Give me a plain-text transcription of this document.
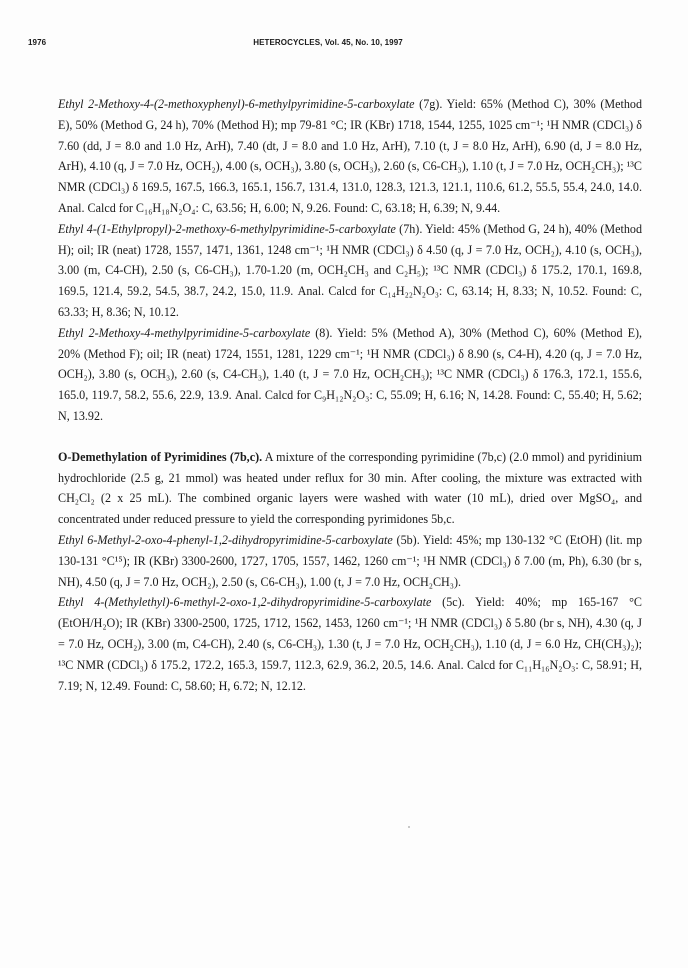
1976	HETEROCYCLES, Vol. 45, No. 10, 1997

Ethyl 2-Methoxy-4-(2-methoxyphenyl)-6-methylpyrimidine-5-carboxylate (7g). Yield: 65% (Method C), 30% (Method E), 50% (Method G, 24 h), 70% (Method H); mp 79-81 °C; IR (KBr) 1718, 1544, 1255, 1025 cm⁻¹; ¹H NMR (CDCl₃) δ 7.60 (dd, J = 8.0 and 1.0 Hz, ArH), 7.40 (dt, J = 8.0 and 1.0 Hz, ArH), 7.10 (t, J = 8.0 Hz, ArH), 6.90 (d, J = 8.0 Hz, ArH), 4.10 (q, J = 7.0 Hz, OCH₂), 4.00 (s, OCH₃), 3.80 (s, OCH₃), 2.60 (s, C6-CH₃), 1.10 (t, J = 7.0 Hz, OCH₂CH₃); ¹³C NMR (CDCl₃) δ 169.5, 167.5, 166.3, 165.1, 156.7, 131.4, 131.0, 128.3, 121.3, 121.1, 110.6, 61.2, 55.5, 55.4, 24.0, 14.0. Anal. Calcd for C₁₆H₁₈N₂O₄: C, 63.56; H, 6.00; N, 9.26. Found: C, 63.18; H, 6.39; N, 9.44.

Ethyl 4-(1-Ethylpropyl)-2-methoxy-6-methylpyrimidine-5-carboxylate (7h). Yield: 45% (Method G, 24 h), 40% (Method H); oil; IR (neat) 1728, 1557, 1471, 1361, 1248 cm⁻¹; ¹H NMR (CDCl₃) δ 4.50 (q, J = 7.0 Hz, OCH₂), 4.10 (s, OCH₃), 3.00 (m, C4-CH), 2.50 (s, C6-CH₃), 1.70-1.20 (m, OCH₂CH₃ and C₂H₅); ¹³C NMR (CDCl₃) δ 175.2, 170.1, 169.8, 169.5, 121.4, 59.2, 54.5, 38.7, 24.2, 15.0, 11.9. Anal. Calcd for C₁₄H₂₂N₂O₃: C, 63.14; H, 8.33; N, 10.52. Found: C, 63.33; H, 8.36; N, 10.12.

Ethyl 2-Methoxy-4-methylpyrimidine-5-carboxylate (8). Yield: 5% (Method A), 30% (Method C), 60% (Method E), 20% (Method F); oil; IR (neat) 1724, 1551, 1281, 1229 cm⁻¹; ¹H NMR (CDCl₃) δ 8.90 (s, C4-H), 4.20 (q, J = 7.0 Hz, OCH₂), 3.80 (s, OCH₃), 2.60 (s, C4-CH₃), 1.40 (t, J = 7.0 Hz, OCH₂CH₃); ¹³C NMR (CDCl₃) δ 176.3, 172.1, 155.6, 165.0, 119.7, 58.2, 55.6, 22.9, 13.9. Anal. Calcd for C₉H₁₂N₂O₃: C, 55.09; H, 6.16; N, 14.28. Found: C, 55.40; H, 5.62; N, 13.92.

O-Demethylation of Pyrimidines (7b,c). A mixture of the corresponding pyrimidine (7b,c) (2.0 mmol) and pyridinium hydrochloride (2.5 g, 21 mmol) was heated under reflux for 30 min. After cooling, the mixture was extracted with CH₂Cl₂ (2 x 25 mL). The combined organic layers were washed with water (10 mL), dried over MgSO₄, and concentrated under reduced pressure to yield the corresponding pyrimidones 5b,c.

Ethyl 6-Methyl-2-oxo-4-phenyl-1,2-dihydropyrimidine-5-carboxylate (5b). Yield: 45%; mp 130-132 °C (EtOH) (lit. mp 130-131 °C¹⁵); IR (KBr) 3300-2600, 1727, 1705, 1557, 1462, 1260 cm⁻¹; ¹H NMR (CDCl₃) δ 7.00 (m, Ph), 6.30 (br s, NH), 4.50 (q, J = 7.0 Hz, OCH₂), 2.50 (s, C6-CH₃), 1.00 (t, J = 7.0 Hz, OCH₂CH₃).

Ethyl 4-(Methylethyl)-6-methyl-2-oxo-1,2-dihydropyrimidine-5-carboxylate (5c). Yield: 40%; mp 165-167 °C (EtOH/H₂O); IR (KBr) 3300-2500, 1725, 1712, 1562, 1453, 1260 cm⁻¹; ¹H NMR (CDCl₃) δ 5.80 (br s, NH), 4.30 (q, J = 7.0 Hz, OCH₂), 3.00 (m, C4-CH), 2.40 (s, C6-CH₃), 1.30 (t, J = 7.0 Hz, OCH₂CH₃), 1.10 (d, J = 6.0 Hz, CH(CH₃)₂); ¹³C NMR (CDCl₃) δ 175.2, 172.2, 165.3, 159.7, 112.3, 62.9, 36.2, 20.5, 14.6. Anal. Calcd for C₁₁H₁₆N₂O₃: C, 58.91; H, 7.19; N, 12.49. Found: C, 58.60; H, 6.72; N, 12.12.
